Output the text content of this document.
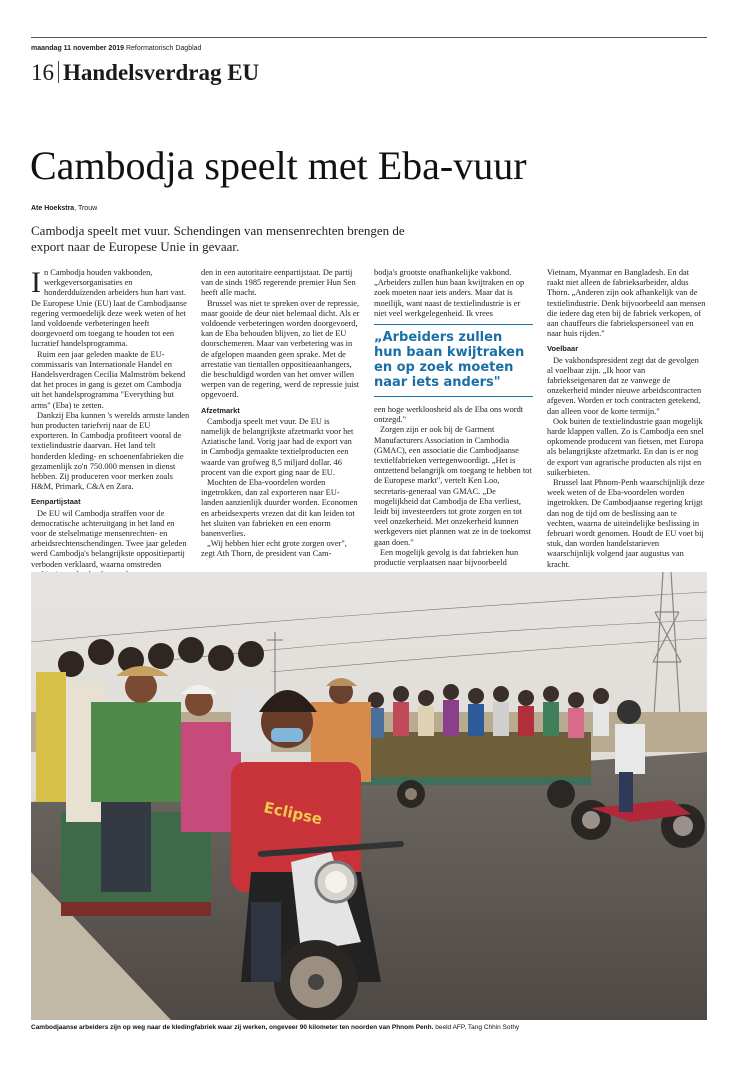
maandag 11 november 2019 Reformatorisch Dagblad
16 Handelsverdrag EU
Cambodja speelt met Eba-vuur
Ate Hoekstra, Trouw
Cambodja speelt met vuur. Schendingen van mensenrechten brengen de export naar de Europese Unie in gevaar.

In Cambodja houden vakbonden, werkgeversorganisaties en honderdduizenden arbeiders hun hart vast. De Europese Unie (EU) laat de Cambodjaanse regering vermoedelijk deze week weten of het land voldoende verbeteringen heeft doorgevoerd om toegang te houden tot een lucratief handelsprogramma.

Ruim een jaar geleden maakte de EU-commissaris van Internationale Handel en Handelsverdragen Cecilia Malmström bekend dat het proces in gang is gezet om Cambodja uit het handelsprogramma "Everything but arms" (Eba) te zetten.

Dankzij Eba kunnen 's werelds armste landen hun producten tariefvrij naar de EU exporteren. In Cambodja profiteert vooral de textielindustrie daarvan. Het land telt honderden kleding- en schoenenfabrieken die gezamenlijk zo'n 750.000 mensen in dienst hebben. Zij produceren voor merken zoals H&M, Primark, C&A en Zara.

Eenpartijstaat

De EU wil Cambodja straffen voor de democratische achteruitgang in het land en voor de stelselmatige mensenrechten- en arbeidsrechtenschendingen. Twee jaar geleden werd Cambodja's belangrijkste oppositiepartij verboden verklaard, waarna omstreden

den in een autoritaire eenpartijstaat. De partij van de sinds 1985 regerende premier Hun Sen heeft alle macht.

Brussel was niet te spreken over de repressie, maar gooide de deur niet helemaal dicht. Als er voldoende verbeteringen worden doorgevoerd, kan de Eba behouden blijven, zo liet de EU doorschemeren. Maar van verbetering was in de afgelopen maanden geen sprake. Met de arrestatie van tientallen oppositieaanhangers, die beschuldigd worden van het omver willen werpen van de regering, werd de repressie juist opgevoerd.

Afzetmarkt

Cambodja speelt met vuur. De EU is namelijk de belangrijkste afzetmarkt voor het Aziatische land. Vorig jaar had de export van in Cambodja gemaakte textielproducten een waarde van grofweg 8,5 miljard dollar. 46 procent van die export ging naar de EU.

Mochten de Eba-voordelen worden ingetrokken, dan zal exporteren naar EU-landen aanzienlijk duurder worden. Economen en arbeidsexperts vrezen dat dit kan leiden tot het sluiten van fabrieken en een enorm banenverlies.

„Wij hebben hier echt grote zorgen over", zegt Ath Thorn, de president van Cam-

bodja's grootste onafhankelijke vakbond. „Arbeiders zullen hun baan kwijtraken en op zoek moeten naar iets anders. Maar dat is moeilijk, want naast de textielindustrie is er niet veel werkgelegenheid. Ik vrees

„Arbeiders zullen hun baan kwijtraken en op zoek moeten naar iets anders"

een hoge werkloosheid als de Eba ons wordt ontzegd."

Zorgen zijn er ook bij de Garment Manufacturers Association in Cambodia (GMAC), een associatie die Cambodjaanse textielfabrieken vertegenwoordigt. „Het is ontzettend belangrijk om toegang te hebben tot de Europese markt", vertelt Ken Loo, secretaris-generaal van GMAC. „De mogelijkheid dat Cambodja de Eba verliest, leidt bij investeerders tot grote zorgen en tot veel onzekerheid. Met onzekerheid kunnen werkgevers niet plannen wat ze in de toekomst gaan doen."

Een mogelijk gevolg is dat fabrieken hun productie verplaatsen naar bijvoorbeeld

Vietnam, Myanmar en Bangladesh. En dat raakt niet alleen de fabrieksarbeider, aldus Thorn. „Anderen zijn ook afhankelijk van de textielindustrie. Denk bijvoorbeeld aan mensen die iedere dag eten bij de fabriek verkopen, of aan chauffeurs die fabriekspersoneel van en naar huis rijden."

Voelbaar

De vakbondspresident zegt dat de gevolgen al voelbaar zijn. „Ik hoor van fabriekseigenaren dat ze vanwege de onzekerheid minder nieuwe arbeidscontracten afgeven. Worden er toch contracten getekend, dan alleen voor de korte termijn."

Ook buiten de textielindustrie gaan mogelijk harde klappen vallen. Zo is Cambodja een snel opkomende producent van fietsen, met Europa als belangrijkste afzetmarkt. En dan is er nog de export van agrarische producten als rijst en suikerbieten.

Brussel laat Phnom-Penh waarschijnlijk deze week weten of de Eba-voordelen worden ingetrokken. De Cambodjaanse regering krijgt dan nog de tijd om de beslissing aan te vechten, waarna de uiteindelijke beslissing in februari wordt genomen. Houdt de EU voet bij stuk, dan worden handelstarieven waarschijnlijk volgend jaar augustus van kracht.

Eclipse
Cambodjaanse arbeiders zijn op weg naar de kledingfabriek waar zij werken, ongeveer 90 kilometer ten noorden van Phnom Penh. beeld AFP, Tang Chhin Sothy
